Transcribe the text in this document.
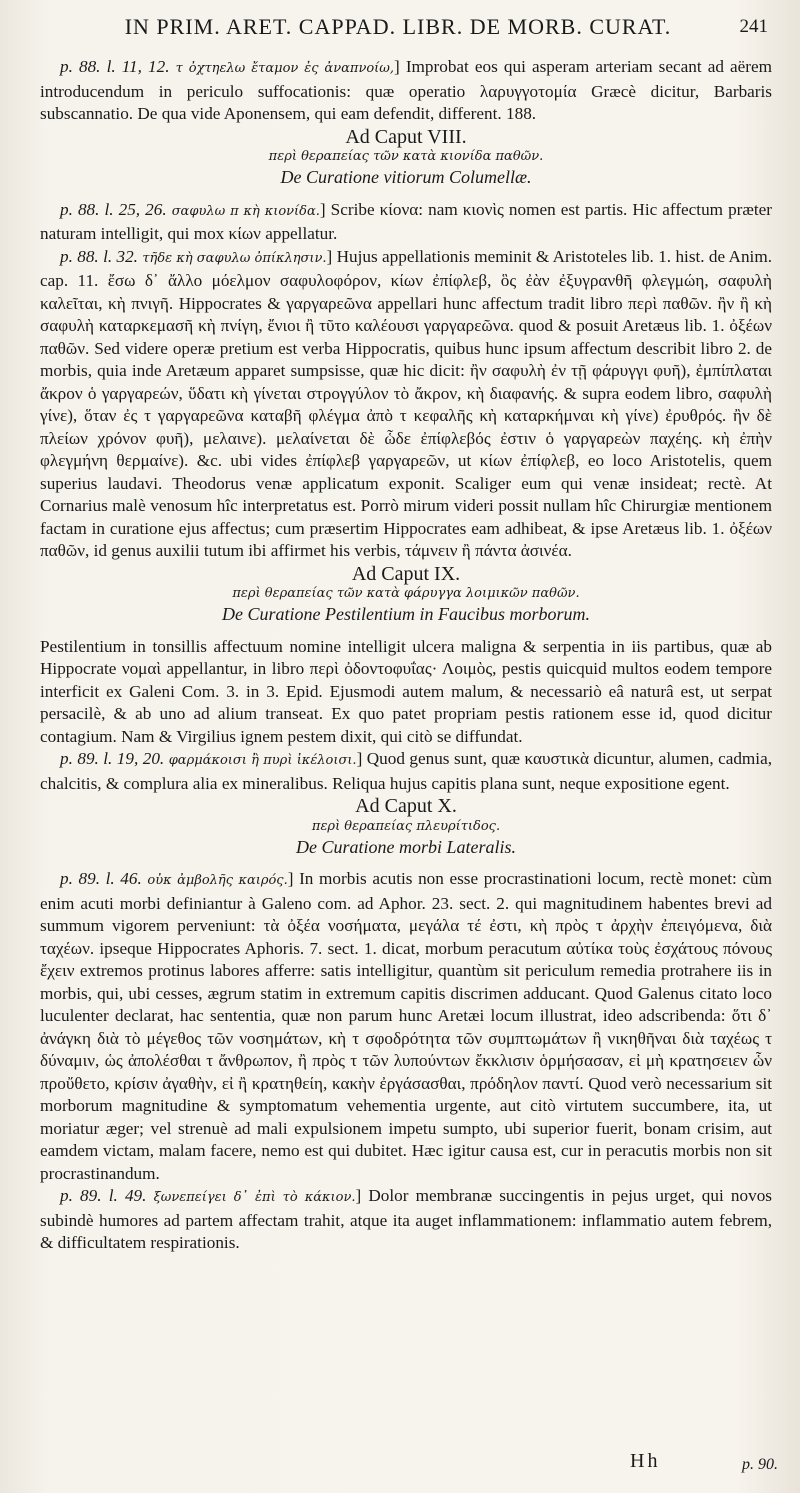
IN PRIM. ARET. CAPPAD. LIBR. DE MORB. CURAT.	241

p. 88. l. 11, 12. τ ὀχτηελω ἔταμον ἐς ἀναπνοίω,] Improbat eos qui asperam arteriam secant ad aërem introducendum in periculo suffocationis: quæ operatio λαρυγγοτομία Græcè dicitur, Barbaris subscannatio. De qua vide Aponensem, qui eam defendit, different. 188.

Ad Caput VIII.

περὶ θεραπείας τῶν κατὰ κιονίδα παθῶν.

De Curatione vitiorum Columellæ.

p. 88. l. 25, 26. σαφυλω π κὴ κιονίδα.] Scribe κίονα: nam κιονὶς nomen est partis. Hic affectum præter naturam intelligit, qui mox κίων appellatur.

p. 88. l. 32. τῆδε κὴ σαφυλω ὀπίκλησιν.] Hujus appellationis meminit & Aristoteles lib. 1. hist. de Anim. cap. 11. ἔσω δ᾽ ἄλλο μόελμον σαφυλοφόρον, κίων ἐπίφλεβ, ὃς ἐὰν ἐξυγρανθῆ φλεγμώη, σαφυλὴ καλεῖται, κὴ πνιγῆ. Hippocrates & γαργαρεῶνα appellari hunc affectum tradit libro περὶ παθῶν. ἢν ἢ κὴ σαφυλὴ καταρκεμασῆ κὴ πνίγη, ἔνιοι ἢ τῦτο καλέουσι γαργαρεῶνα. quod & posuit Aretæus lib. 1. ὀξέων παθῶν. Sed videre operæ pretium est verba Hippocratis, quibus hunc ipsum affectum describit libro 2. de morbis, quia inde Aretæum apparet sumpsisse, quæ hic dicit: ἢν σαφυλὴ ἐν τῇ φάρυγγι φυῆ), ἐμπίπλαται ἄκρον ὁ γαργαρεών, ὕδατι κὴ γίνεται στρογγύλον τὸ ἄκρον, κὴ διαφανής. & supra eodem libro, σαφυλὴ γίνε), ὅταν ἐς τ γαργαρεῶνα καταβῆ φλέγμα ἀπὸ τ κεφαλῆς κὴ καταρκήμναι κὴ γίνε) ἐρυθρός. ἢν δὲ πλείων χρόνον φυῆ), μελαινε). μελαίνεται δὲ ὧδε ἐπίφλεβός ἐστιν ὁ γαργαρεὼν παχέης. κὴ ἐπὴν φλεγμήνη θερμαίνε). &c. ubi vides ἐπίφλεβ γαργαρεῶν, ut κίων ἐπίφλεβ, eo loco Aristotelis, quem superius laudavi. Theodorus venæ applicatum exponit. Scaliger eum qui venæ insideat; rectè. At Cornarius malè venosum hîc interpretatus est. Porrò mirum videri possit nullam hîc Chirurgiæ mentionem factam in curatione ejus affectus; cum præsertim Hippocrates eam adhibeat, & ipse Aretæus lib. 1. ὀξέων παθῶν, id genus auxilii tutum ibi affirmet his verbis, τάμνειν ἢ πάντα ἀσινέα.

Ad Caput IX.

περὶ θεραπείας τῶν κατὰ φάρυγγα λοιμικῶν παθῶν.

De Curatione Pestilentium in Faucibus morborum.

Pestilentium in tonsillis affectuum nomine intelligit ulcera maligna & serpentia in iis partibus, quæ ab Hippocrate νομαὶ appellantur, in libro περὶ ὀδοντοφυΐας· Λοιμὸς, pestis quicquid multos eodem tempore interficit ex Galeni Com. 3. in 3. Epid. Ejusmodi autem malum, & necessariò eâ naturâ est, ut serpat persacilè, & ab uno ad alium transeat. Ex quo patet propriam pestis rationem esse id, quod dicitur contagium. Nam & Virgilius ignem pestem dixit, qui citò se diffundat.

p. 89. l. 19, 20. φαρμάκοισι ἢ πυρὶ ἰκέλοισι.] Quod genus sunt, quæ καυστικὰ dicuntur, alumen, cadmia, chalcitis, & complura alia ex mineralibus. Reliqua hujus capitis plana sunt, neque expositione egent.

Ad Caput X.

περὶ θεραπείας πλευρίτιδος.

De Curatione morbi Lateralis.

p. 89. l. 46. οὐκ ἀμβολῆς καιρός.] In morbis acutis non esse procrastinationi locum, rectè monet: cùm enim acuti morbi definiantur à Galeno com. ad Aphor. 23. sect. 2. qui magnitudinem habentes brevi ad summum vigorem perveniunt: τὰ ὀξέα νοσήματα, μεγάλα τέ ἐστι, κὴ πρὸς τ ἀρχὴν ἐπειγόμενα, διὰ ταχέων. ipseque Hippocrates Aphoris. 7. sect. 1. dicat, morbum peracutum αὐτίκα τοὺς ἐσχάτους πόνους ἔχειν extremos protinus labores afferre: satis intelligitur, quantùm sit periculum remedia protrahere iis in morbis, qui, ubi cesses, ægrum statim in extremum capitis discrimen adducant. Quod Galenus citato loco luculenter declarat, hac sententia, quæ non parum hunc Aretæi locum illustrat, ideo adscribenda: ὅτι δ᾽ ἀνάγκη διὰ τὸ μέγεθος τῶν νοσημάτων, κὴ τ σφοδρότητα τῶν συμπτωμάτων ἢ νικηθῆναι διὰ ταχέως τ δύναμιν, ὡς ἀπολέσθαι τ ἄνθρωπον, ἢ πρὸς τ τῶν λυπούντων ἔκκλισιν ὁρμήσασαν, εἰ μὴ κρατησειεν ὧν προὔθετο, κρίσιν ἀγαθὴν, εἰ ἢ κρατηθείη, κακὴν ἐργάσασθαι, πρόδηλον παντί. Quod verò necessarium sit morborum magnitudine & symptomatum vehementia urgente, aut citò virtutem succumbere, ita, ut moriatur æger; vel strenuè ad mali expulsionem impetu sumpto, ubi superior fuerit, bonam crisim, aut eamdem victam, malam facere, nemo est qui dubitet. Hæc igitur causa est, cur in peracutis morbis non sit procrastinandum.

p. 89. l. 49. ξωνεπείγει δ᾽ ἐπὶ τὸ κάκιον.] Dolor membranæ succingentis in pejus urget, qui novos subindè humores ad partem affectam trahit, atque ita auget inflammationem: inflammatio autem febrem, & difficultatem respirationis.

Hh	p. 90.
